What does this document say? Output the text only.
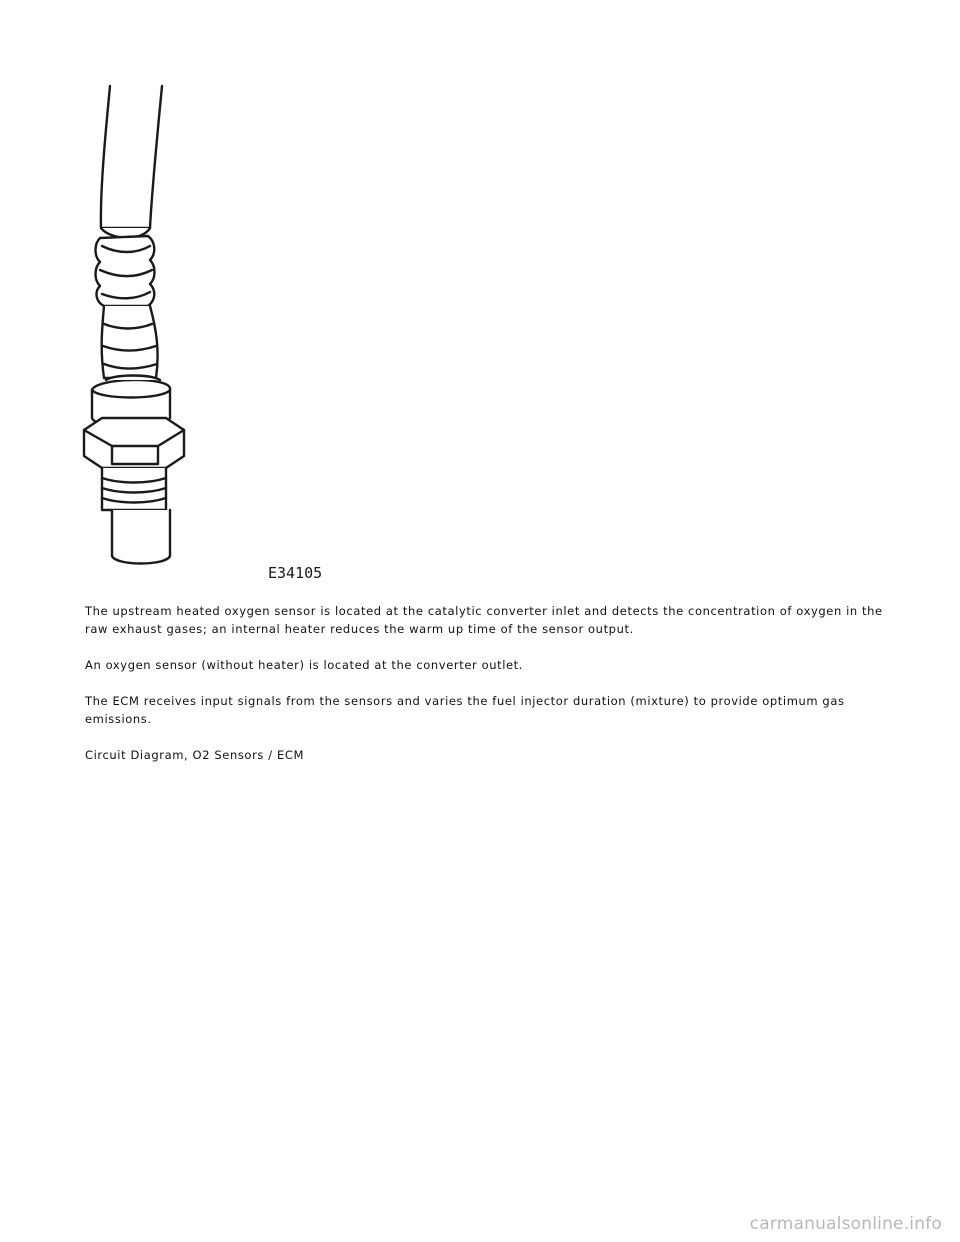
E34105

The upstream heated oxygen sensor is located at the catalytic converter inlet and detects the concentration of oxygen in the raw exhaust gases; an internal heater reduces the warm up time of the sensor output.

An oxygen sensor (without heater) is located at the converter outlet.

The ECM receives input signals from the sensors and varies the fuel injector duration (mixture) to provide optimum gas emissions.

Circuit Diagram, O2 Sensors / ECM

carmanualsonline.info
